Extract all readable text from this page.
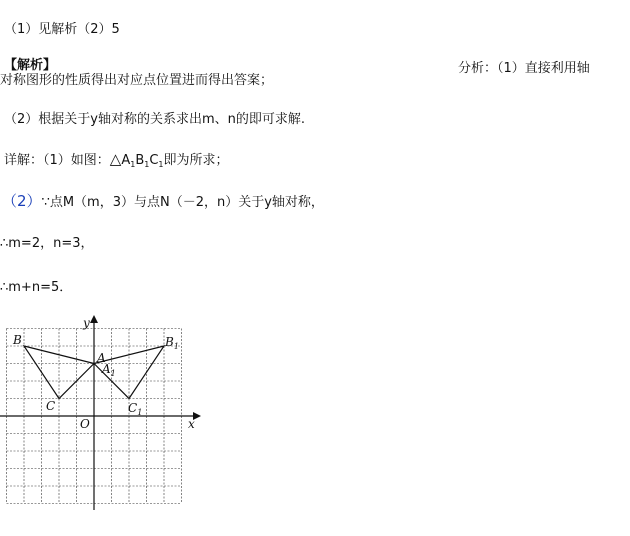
（1）见解析（2）5
【解析】	分析：（1）直接利用轴
对称图形的性质得出对应点位置进而得出答案；
（2）根据关于y轴对称的关系求出m、n的即可求解.
详解：（1）如图：$\triangle A_1B_1C_1$即为所求；
（2）∵点M（m，3）与点N（－2，n）关于y轴对称，
∴m=2，n=3，
∴m+n=5．
x
y
O
B	$B_1$
A
$A_1$
C	$C_1$
